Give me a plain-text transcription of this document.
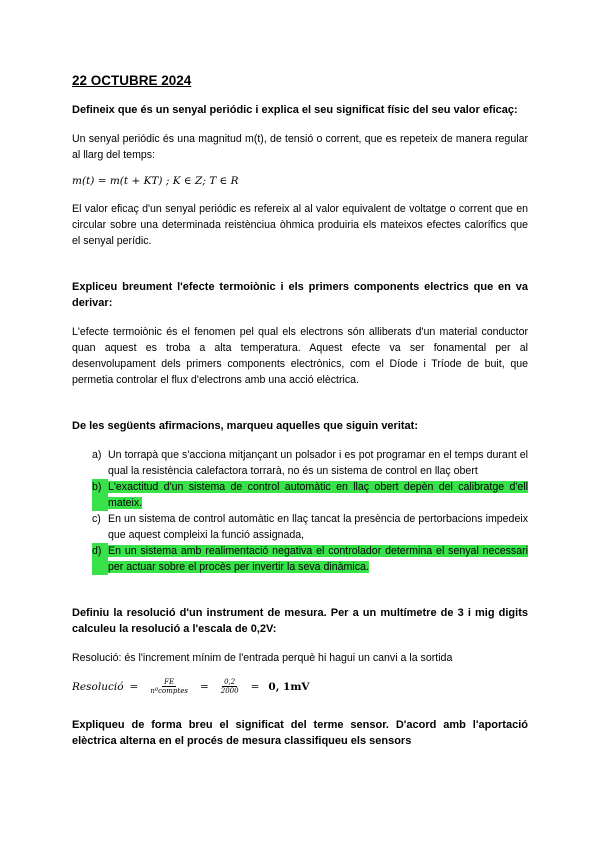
22 OCTUBRE 2024
Defineix que és un senyal periódic i explica el seu significat físic del seu valor eficaç:
Un senyal periódic és una magnitud m(t), de tensió o corrent, que es repeteix de manera regular al llarg del temps:
m(t) = m(t + KT) ; K ∈ Z; T ∈ R
El valor eficaç d'un senyal periódic es refereix al al valor equivalent de voltatge o corrent que en circular sobre una determinada reistènciua òhmica produiria els mateixos efectes calorífics que el senyal perídic.
Expliceu breument l'efecte termoiònic i els primers components electrics que en va derivar:
L'efecte termoiònic és el fenomen pel qual els electrons són alliberats d'un material conductor quan aquest es troba a alta temperatura. Aquest efecte va ser fonamental per al desenvolupament dels primers components electrònics, com el Díode i Tríode de buit, que permetia controlar el flux d'electrons amb una acció elèctrica.
De les següents afirmacions, marqueu aquelles que siguin veritat:
a) Un torrapà que s'acciona mitjançant un polsador i es pot programar en el temps durant el qual la resistència calefactora torrarà, no és un sistema de control en llaç obert
b) L'exactitud d'un sistema de control automàtic en llaç obert depèn del calibratge d'ell mateix.
c) En un sistema de control automàtic en llaç tancat la presència de pertorbacions impedeix que aquest compleixi la funció assignada,
d) En un sistema amb realimentació negativa el controlador determina el senyal necessari per actuar sobre el procès per invertir la seva dinàmica.
Definiu la resolució d'un instrument de mesura. Per a un multímetre de 3 i mig digits calculeu la resolució a l'escala de 0,2V:
Resolució: és l'increment mínim de l'entrada perquè hi hagui un canvi a la sortida
Resolució = $\frac{FE}{\text{nºcomptes}} = \frac{0,2}{2000} = 0$, 1mV
Expliqueu de forma breu el significat del terme sensor. D'acord amb l'aportació elèctrica alterna en el procés de mesura classifiqueu els sensors
